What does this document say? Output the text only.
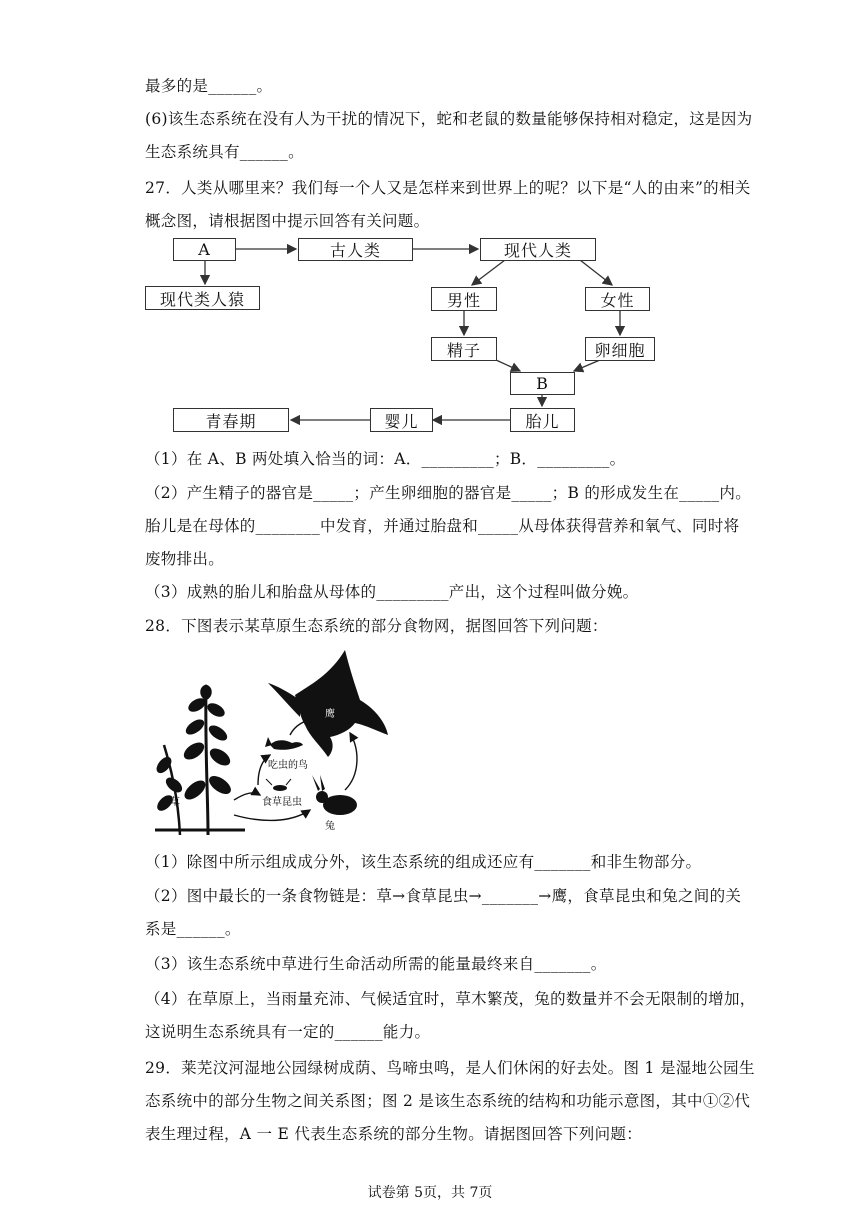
最多的是______。
(6)该生态系统在没有人为干扰的情况下，蛇和老鼠的数量能够保持相对稳定，这是因为
生态系统具有______。
27．人类从哪里来？我们每一个人又是怎样来到世界上的呢？以下是“人的由来”的相关
概念图，请根据图中提示回答有关问题。
A	古人类	现代人类
现代类人猿	男性	女性
精子	卵细胞
B
胎儿
婴儿
青春期
（1）在 A、B 两处填入恰当的词：A．_________；B．_________。
（2）产生精子的器官是_____；产生卵细胞的器官是_____；B 的形成发生在_____内。
胎儿是在母体的________中发育，并通过胎盘和_____从母体获得营养和氧气、同时将
废物排出。
（3）成熟的胎儿和胎盘从母体的_________产出，这个过程叫做分娩。
28．下图表示某草原生态系统的部分食物网，据图回答下列问题：
鹰
草
吃虫的鸟
兔
食草昆虫
（1）除图中所示组成成分外，该生态系统的组成还应有_______和非生物部分。
（2）图中最长的一条食物链是：草→食草昆虫→_______→鹰，食草昆虫和兔之间的关
系是______。
（3）该生态系统中草进行生命活动所需的能量最终来自_______。
（4）在草原上，当雨量充沛、气候适宜时，草木繁茂，兔的数量并不会无限制的增加，
这说明生态系统具有一定的______能力。
29．莱芜汶河湿地公园绿树成荫、鸟啼虫鸣，是人们休闲的好去处。图 1 是湿地公园生
态系统中的部分生物之间关系图；图 2 是该生态系统的结构和功能示意图，其中①②代
表生理过程，A 一 E 代表生态系统的部分生物。请据图回答下列问题：
试卷第 5页，共 7页
